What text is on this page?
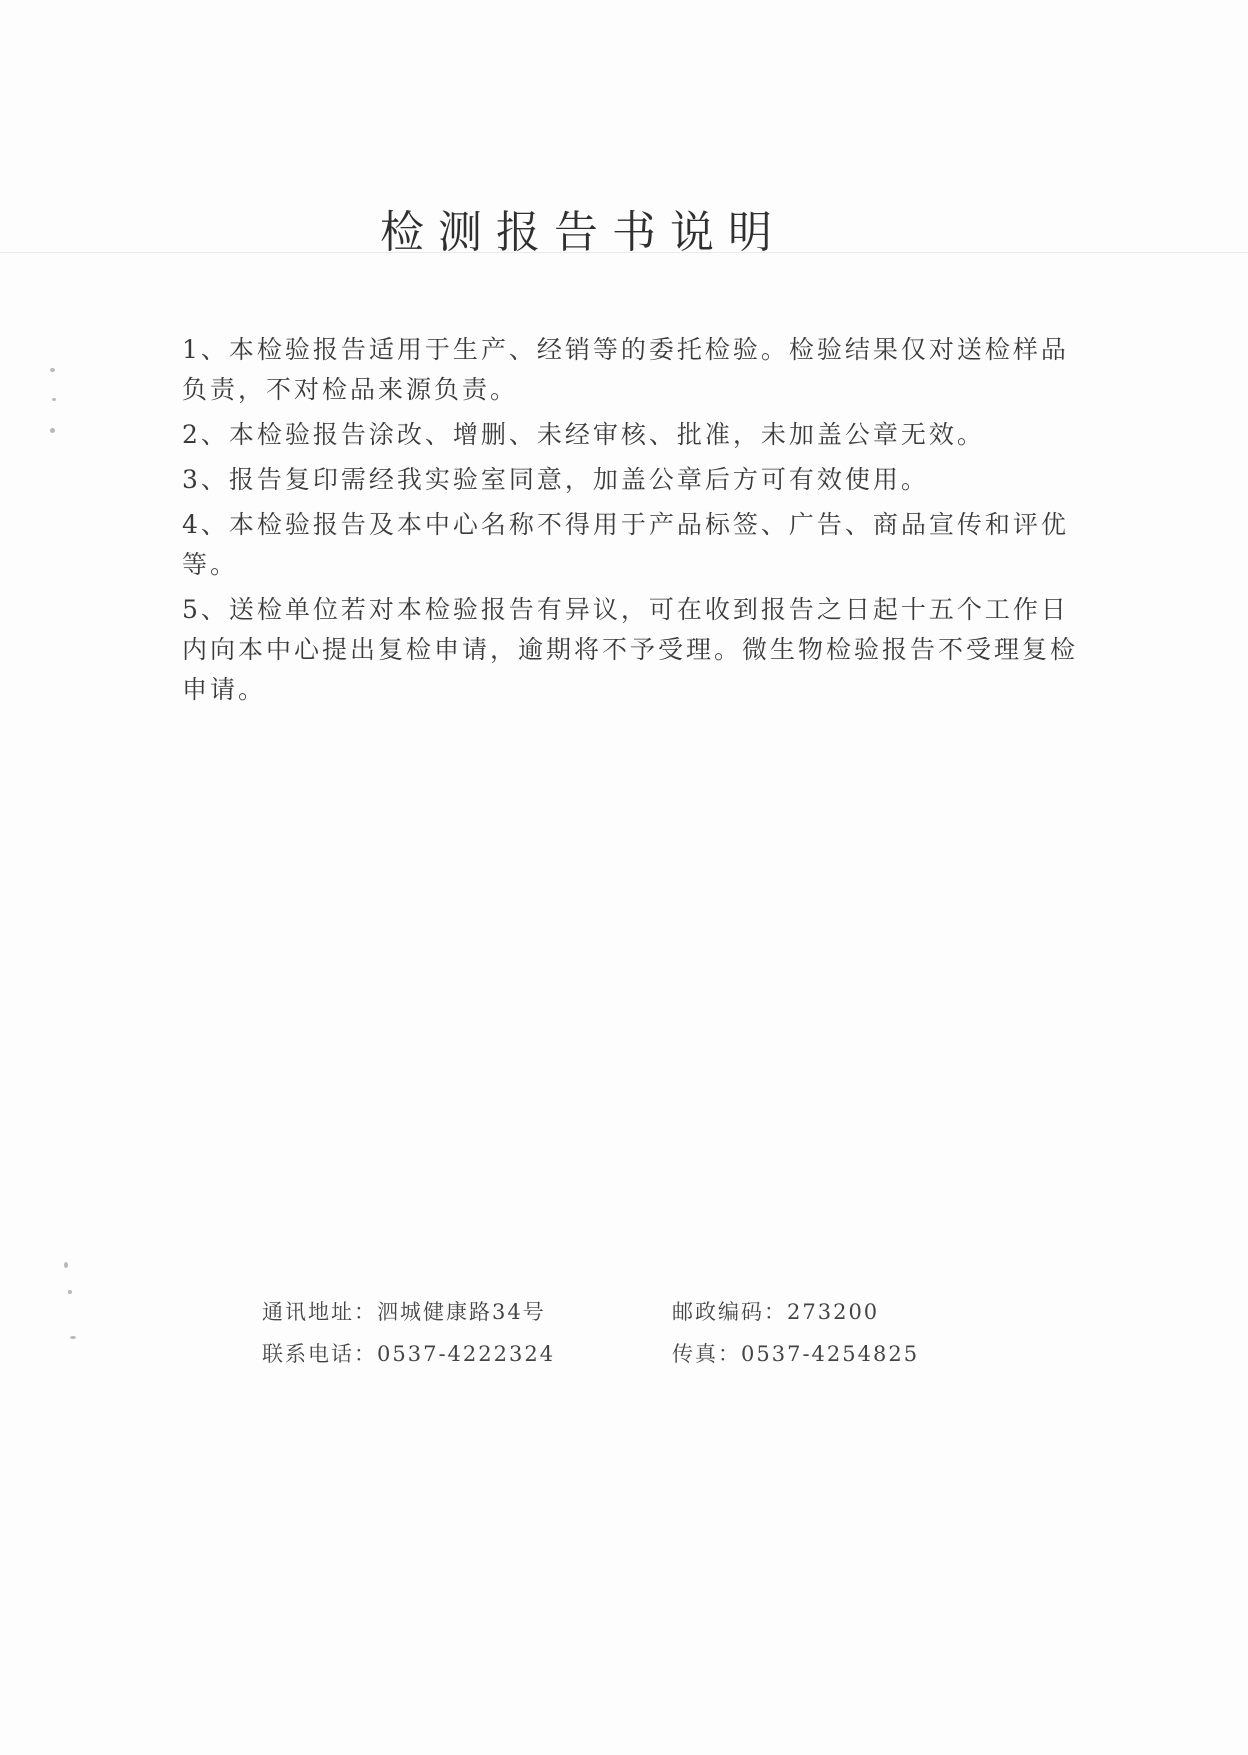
检测报告书说明

1、本检验报告适用于生产、经销等的委托检验。检验结果仅对送检样品负责，不对检品来源负责。

2、本检验报告涂改、增删、未经审核、批准，未加盖公章无效。

3、报告复印需经我实验室同意，加盖公章后方可有效使用。

4、本检验报告及本中心名称不得用于产品标签、广告、商品宣传和评优等。

5、送检单位若对本检验报告有异议，可在收到报告之日起十五个工作日内向本中心提出复检申请，逾期将不予受理。微生物检验报告不受理复检申请。

通讯地址：泗城健康路34号	邮政编码：273200
联系电话：0537-4222324	传真：0537-4254825
